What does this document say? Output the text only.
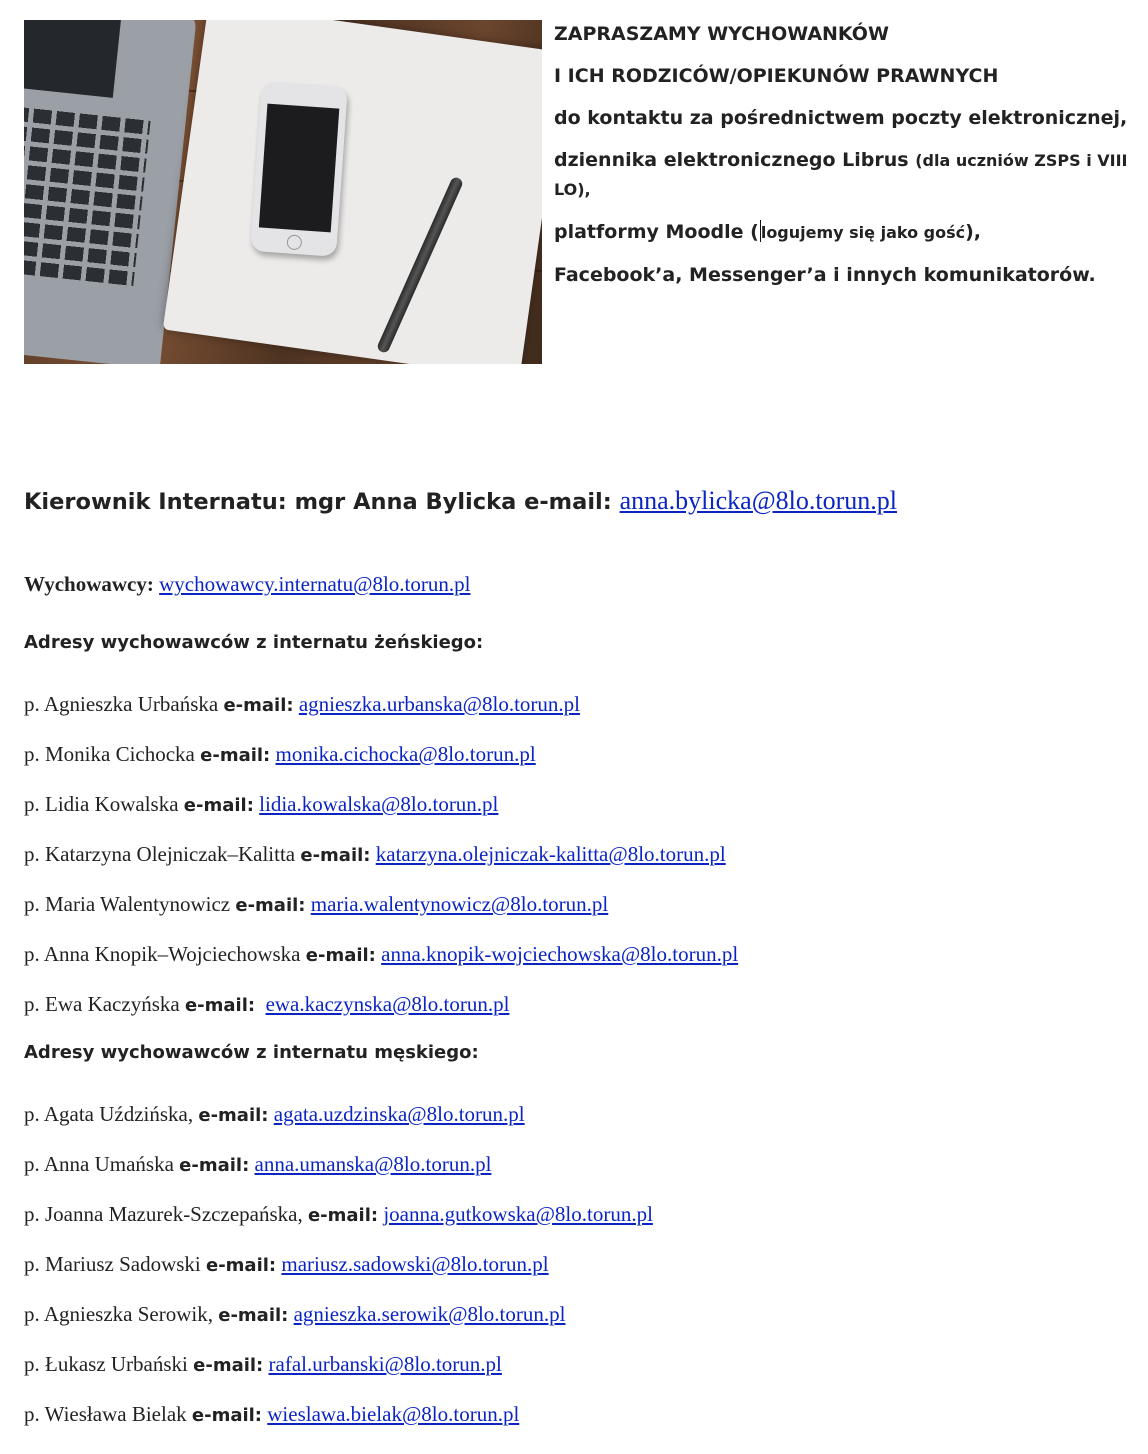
ZAPRASZAMY WYCHOWANKÓW

I ICH RODZICÓW/OPIEKUNÓW PRAWNYCH

do kontaktu za pośrednictwem poczty elektronicznej,

dziennika elektronicznego Librus (dla uczniów ZSPS i VIII LO),

platformy Moodle ( logujemy się jako gość),

Facebook’a, Messenger’a i innych komunikatorów.

Kierownik Internatu: mgr Anna Bylicka e-mail: anna.bylicka@8lo.torun.pl
Wychowawcy: wychowawcy.internatu@8lo.torun.pl
Adresy wychowawców z internatu żeńskiego:
p. Agnieszka Urbańska e-mail: agnieszka.urbanska@8lo.torun.pl
p. Monika Cichocka e-mail: monika.cichocka@8lo.torun.pl
p. Lidia Kowalska e-mail: lidia.kowalska@8lo.torun.pl
p. Katarzyna Olejniczak–Kalitta e-mail: katarzyna.olejniczak-kalitta@8lo.torun.pl
p. Maria Walentynowicz e-mail: maria.walentynowicz@8lo.torun.pl
p. Anna Knopik–Wojciechowska e-mail: anna.knopik-wojciechowska@8lo.torun.pl
p. Ewa Kaczyńska e-mail: ewa.kaczynska@8lo.torun.pl
Adresy wychowawców z internatu męskiego:
p. Agata Uździńska, e-mail: agata.uzdzinska@8lo.torun.pl
p. Anna Umańska e-mail: anna.umanska@8lo.torun.pl
p. Joanna Mazurek-Szczepańska, e-mail: joanna.gutkowska@8lo.torun.pl
p. Mariusz Sadowski e-mail: mariusz.sadowski@8lo.torun.pl
p. Agnieszka Serowik, e-mail: agnieszka.serowik@8lo.torun.pl
p. Łukasz Urbański e-mail: rafal.urbanski@8lo.torun.pl
p. Wiesława Bielak e-mail: wieslawa.bielak@8lo.torun.pl
